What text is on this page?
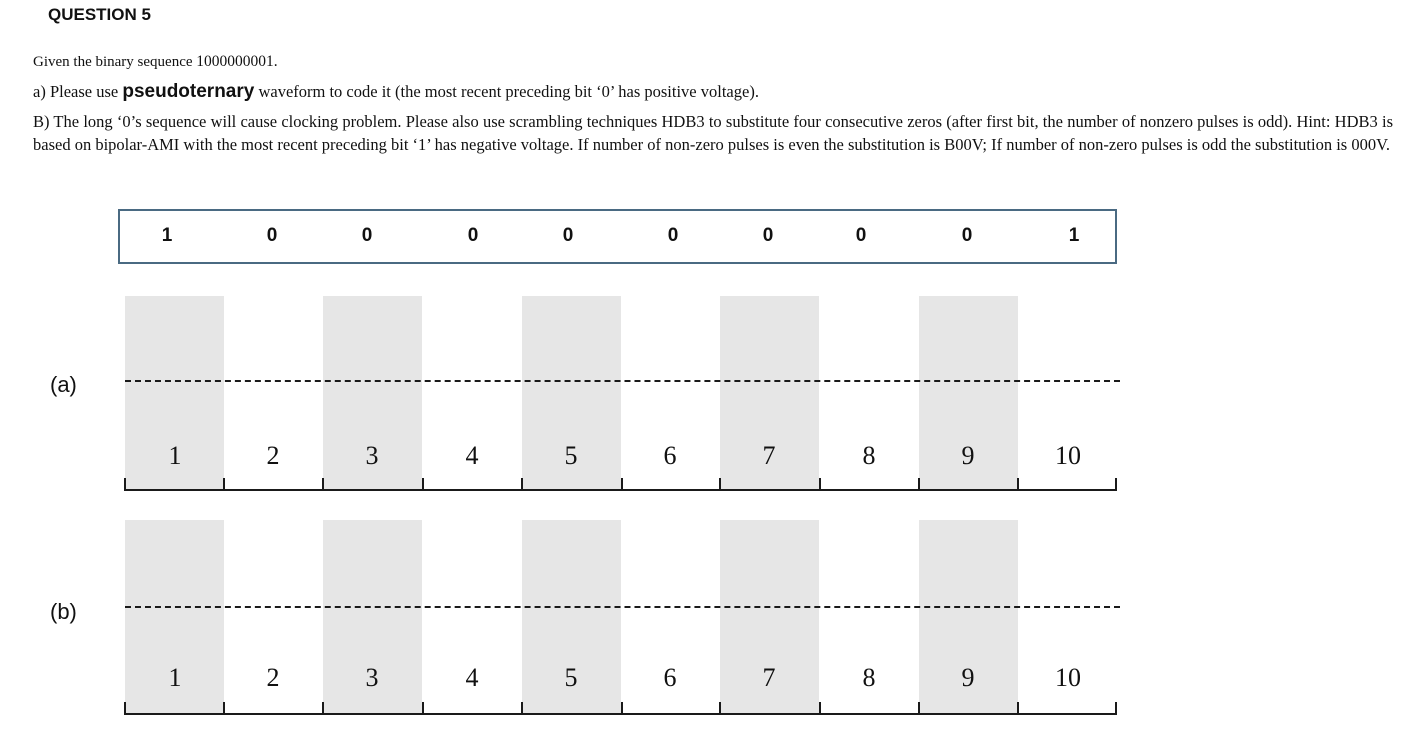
QUESTION 5
Given the binary sequence 1000000001.
a) Please use pseudoternary waveform to code it (the most recent preceding bit ‘0’ has positive voltage).
B) The long ‘0’s sequence will cause clocking problem. Please also use scrambling techniques HDB3 to substitute four consecutive zeros (after first bit, the number of nonzero pulses is odd). Hint: HDB3 is based on bipolar-AMI with the most recent preceding bit ‘1’ has negative voltage. If number of non-zero pulses is even the substitution is B00V; If number of non-zero pulses is odd the substitution is 000V.
1	0	0	0	0	0	0	0	0	1
(a)
1	2	3	4	5	6	7	8	9	10
(b)
1	2	3	4	5	6	7	8	9	10
